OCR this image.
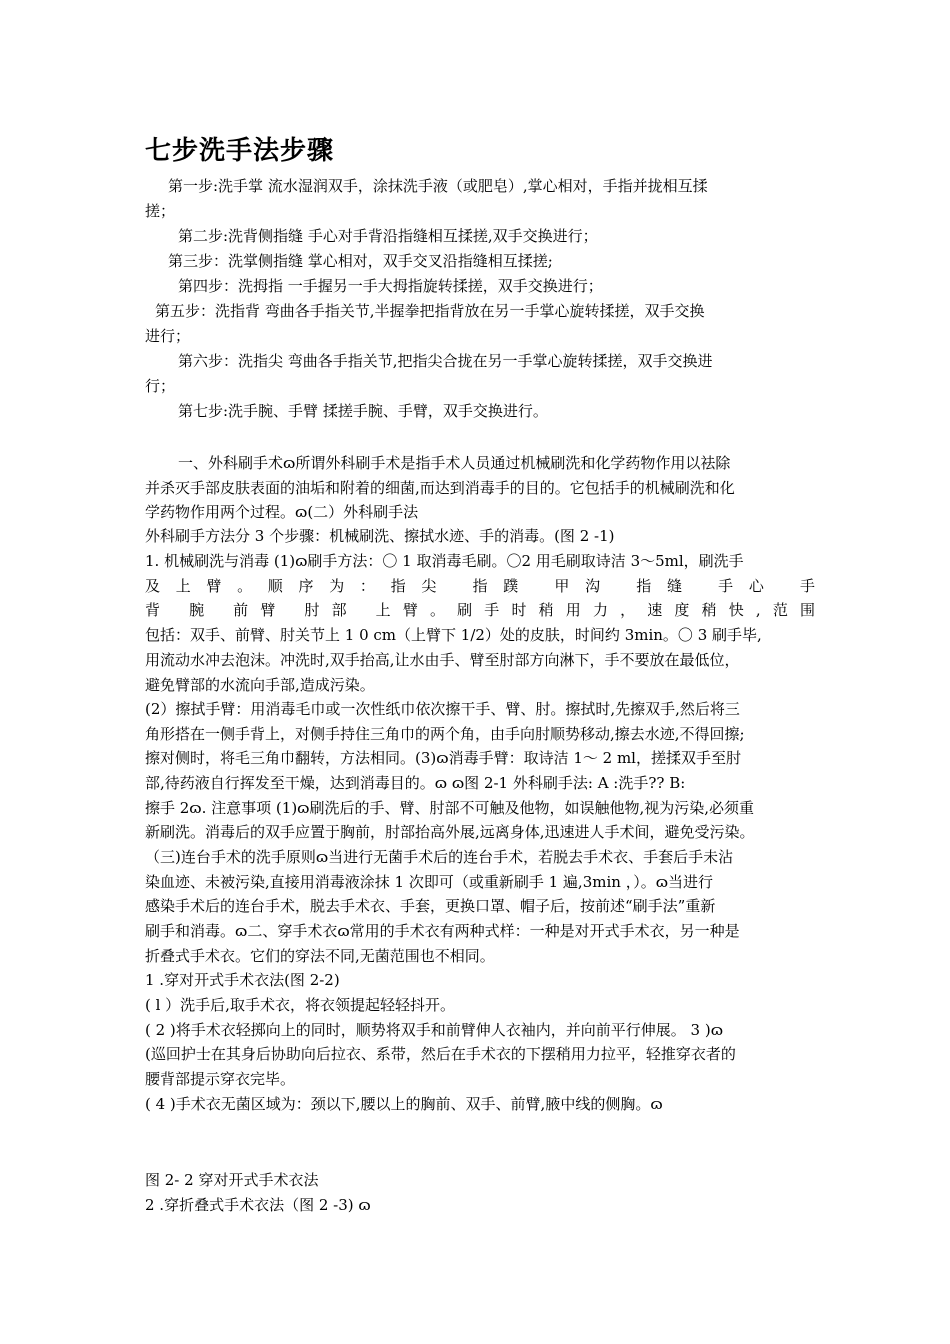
七步洗手法步骤

第一步:洗手掌 流水湿润双手，涂抹洗手液（或肥皂）,掌心相对，手指并拢相互揉

搓；

第二步:洗背侧指缝 手心对手背沿指缝相互揉搓,双手交换进行；

第三步：洗掌侧指缝 掌心相对，双手交叉沿指缝相互揉搓;

第四步：洗拇指 一手握另一手大拇指旋转揉搓，双手交换进行；

第五步：洗指背 弯曲各手指关节,半握拳把指背放在另一手掌心旋转揉搓，双手交换

进行；

第六步：洗指尖 弯曲各手指关节,把指尖合拢在另一手掌心旋转揉搓，双手交换进

行；

第七步:洗手腕、手臂 揉搓手腕、手臂，双手交换进行。

一、外科刷手术ɷ所谓外科刷手术是指手术人员通过机械刷洗和化学药物作用以祛除

并杀灭手部皮肤表面的油垢和附着的细菌,而达到消毒手的目的。它包括手的机械刷洗和化

学药物作用两个过程。ɷ(二）外科刷手法

外科刷手方法分 3 个步骤：机械刷洗、擦拭水迹、手的消毒。(图 2 -1)

1. 机械刷洗与消毒 (1)ɷ刷手方法：〇 1 取消毒毛刷。〇2 用毛刷取诗洁 3～5ml，刷洗手

及上臂。顺序为：指尖 指蹼 甲沟 指缝 手心 手

背 腕 前臂 肘部 上臂。刷手时稍用力，速度稍快,范围

包括：双手、前臂、肘关节上 1 0 cm（上臂下 1/2）处的皮肤，时间约 3min。〇 3 刷手毕,

用流动水冲去泡沫。冲洗时,双手抬高,让水由手、臂至肘部方向淋下，手不要放在最低位，

避免臂部的水流向手部,造成污染。

(2）擦拭手臂：用消毒毛巾或一次性纸巾依次擦干手、臂、肘。擦拭时,先擦双手,然后将三

角形搭在一侧手背上，对侧手持住三角巾的两个角，由手向肘顺势移动,擦去水迹,不得回擦;

擦对侧时，将毛三角巾翻转，方法相同。(3)ɷ消毒手臂：取诗洁 1～ 2 ml，搓揉双手至肘

部,待药液自行挥发至干燥，达到消毒目的。ɷ ɷ图 2-1 外科刷手法: A :洗手?? B:

擦手 2ɷ. 注意事项 (1)ɷ刷洗后的手、臂、肘部不可触及他物，如误触他物,视为污染,必须重

新刷洗。消毒后的双手应置于胸前，肘部抬高外展,远离身体,迅速进人手术间，避免受污染。

（三)连台手术的洗手原则ɷ当进行无菌手术后的连台手术，若脱去手术衣、手套后手未沾

染血迹、未被污染,直接用消毒液涂抹 1 次即可（或重新刷手 1 遍,3min ，）。ɷ当进行

感染手术后的连台手术，脱去手术衣、手套，更换口罩、帽子后，按前述“刷手法”重新

刷手和消毒。ɷ二、穿手术衣ɷ常用的手术衣有两种式样：一种是对开式手术衣，另一种是

折叠式手术衣。它们的穿法不同,无菌范围也不相同。

1 .穿对开式手术衣法(图 2-2)

( l ）洗手后,取手术衣，将衣领提起轻轻抖开。

( 2 )将手术衣轻掷向上的同时，顺势将双手和前臂伸人衣袖内，并向前平行伸展。 3 )ɷ

(巡回护士在其身后协助向后拉衣、系带，然后在手术衣的下摆稍用力拉平，轻推穿衣者的

腰背部提示穿衣完毕。

( 4 )手术衣无菌区域为：颈以下,腰以上的胸前、双手、前臂,腋中线的侧胸。ɷ

图 2- 2 穿对开式手术衣法

2 .穿折叠式手术衣法（图 2 -3) ɷ
